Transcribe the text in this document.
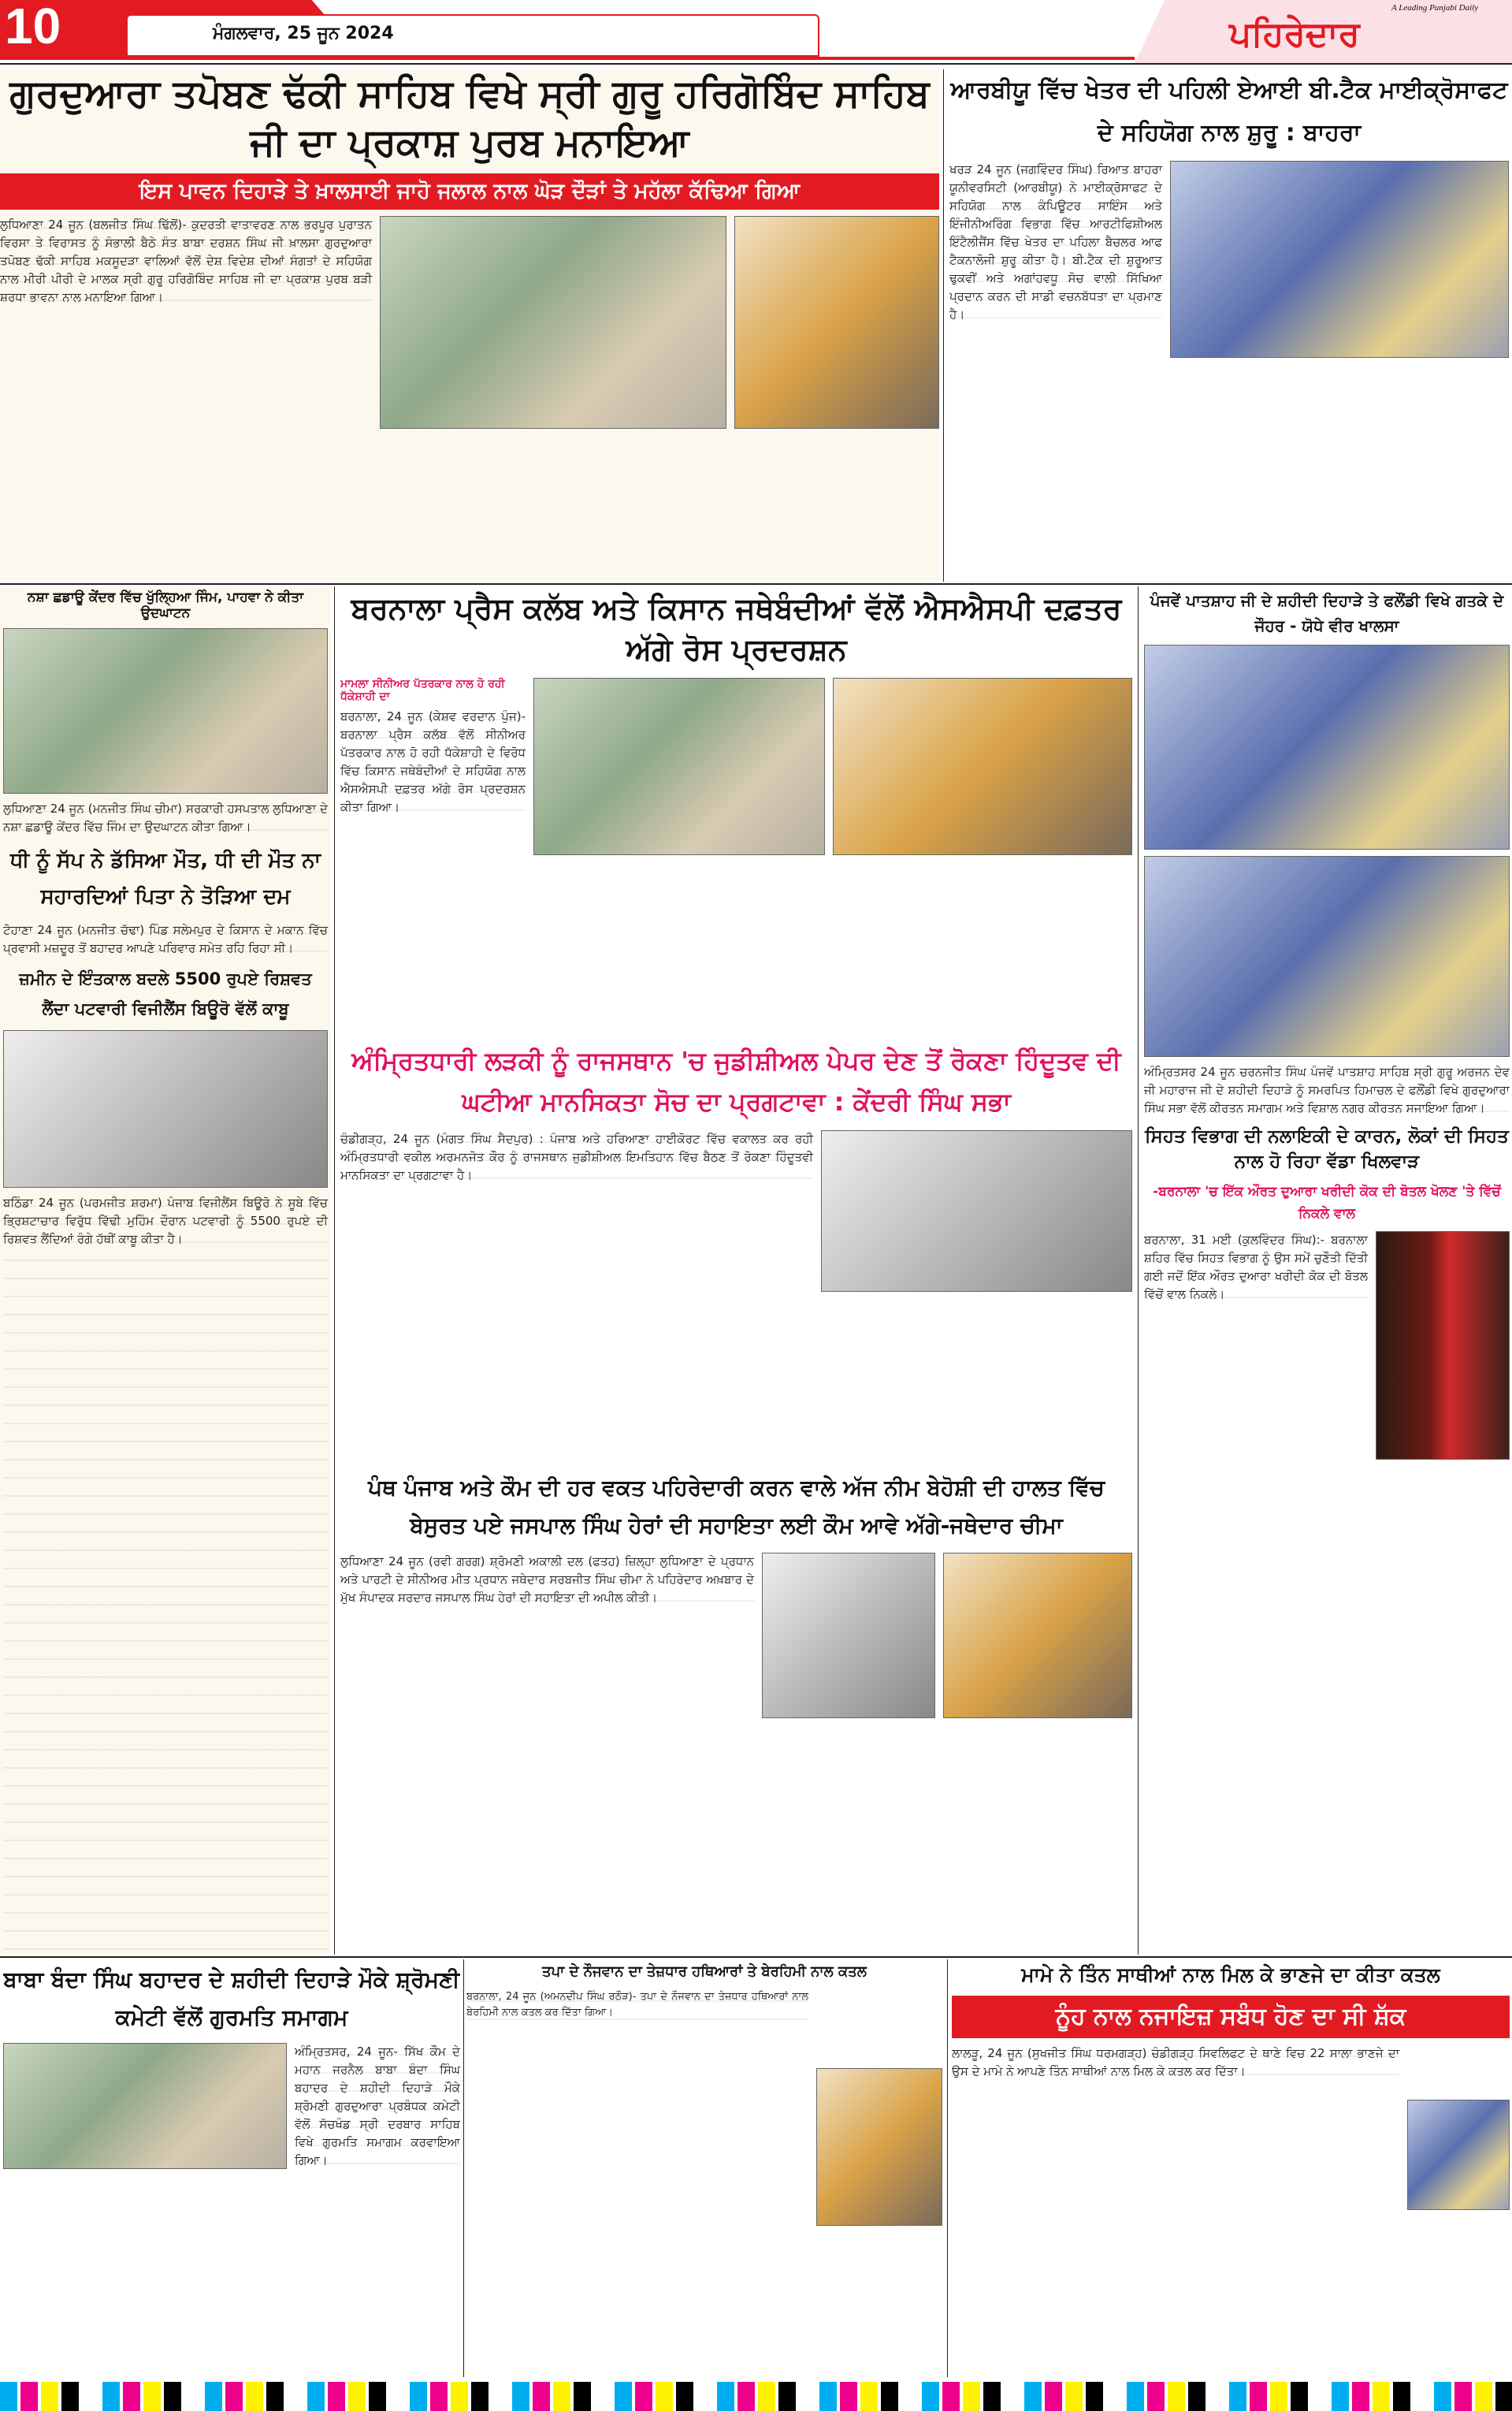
10	ਮੰਗਲਵਾਰ, 25 ਜੂਨ 2024
A Leading Punjabi Daily
ਪਹਿਰੇਦਾਰ
ਗੁਰਦੁਆਰਾ ਤਪੋਬਣ ਢੱਕੀ ਸਾਹਿਬ ਵਿਖੇ ਸ੍ਰੀ ਗੁਰੂ ਹਰਿਗੋਬਿੰਦ ਸਾਹਿਬ ਜੀ ਦਾ ਪ੍ਰਕਾਸ਼ ਪੁਰਬ ਮਨਾਇਆ
ਇਸ ਪਾਵਨ ਦਿਹਾੜੇ ਤੇ ਖ਼ਾਲਸਾਈ ਜਾਹੋ ਜਲਾਲ ਨਾਲ ਘੋੜ ਦੌੜਾਂ ਤੇ ਮਹੱਲਾ ਕੱਢਿਆ ਗਿਆ
ਲੁਧਿਆਣਾ 24 ਜੂਨ (ਬਲਜੀਤ ਸਿੰਘ ਢਿੱਲੋਂ)- ਕੁਦਰਤੀ ਵਾਤਾਵਰਣ ਨਾਲ ਭਰਪੂਰ ਪੁਰਾਤਨ ਵਿਰਸਾ ਤੇ ਵਿਰਾਸਤ ਨੂੰ ਸੰਭਾਲੀ ਬੈਠੇ ਸੰਤ ਬਾਬਾ ਦਰਸ਼ਨ ਸਿੰਘ ਜੀ ਖ਼ਾਲਸਾ ਗੁਰਦੁਆਰਾ ਤਪੋਬਣ ਢੱਕੀ ਸਾਹਿਬ ਮਕਸੂਦੜਾ ਵਾਲਿਆਂ ਵੱਲੋਂ ਦੇਸ਼ ਵਿਦੇਸ਼ ਦੀਆਂ ਸੰਗਤਾਂ ਦੇ ਸਹਿਯੋਗ ਨਾਲ ਮੀਰੀ ਪੀਰੀ ਦੇ ਮਾਲਕ ਸ੍ਰੀ ਗੁਰੂ ਹਰਿਗੋਬਿੰਦ ਸਾਹਿਬ ਜੀ ਦਾ ਪ੍ਰਕਾਸ਼ ਪੁਰਬ ਬੜੀ ਸ਼ਰਧਾ ਭਾਵਨਾ ਨਾਲ ਮਨਾਇਆ ਗਿਆ।
ਆਰਬੀਯੂ ਵਿੱਚ ਖੇਤਰ ਦੀ ਪਹਿਲੀ ਏਆਈ ਬੀ.ਟੈਕ ਮਾਈਕ੍ਰੋਸਾਫਟ ਦੇ ਸਹਿਯੋਗ ਨਾਲ ਸ਼ੁਰੂ : ਬਾਹਰਾ
ਖਰੜ 24 ਜੂਨ (ਜਗਵਿੰਦਰ ਸਿੰਘ) ਰਿਆਤ ਬਾਹਰਾ ਯੂਨੀਵਰਸਿਟੀ (ਆਰਬੀਯੂ) ਨੇ ਮਾਈਕ੍ਰੋਸਾਫਟ ਦੇ ਸਹਿਯੋਗ ਨਾਲ ਕੰਪਿਊਟਰ ਸਾਇੰਸ ਅਤੇ ਇੰਜੀਨੀਅਰਿੰਗ ਵਿਭਾਗ ਵਿੱਚ ਆਰਟੀਫਿਸ਼ੀਅਲ ਇੰਟੈਲੀਜੈਂਸ ਵਿੱਚ ਖੇਤਰ ਦਾ ਪਹਿਲਾ ਬੈਚਲਰ ਆਫ ਟੈਕਨਾਲੋਜੀ ਸ਼ੁਰੂ ਕੀਤਾ ਹੈ। ਬੀ.ਟੈਕ ਦੀ ਸ਼ੁਰੂਆਤ ਢੁਕਵੀਂ ਅਤੇ ਅਗਾਂਹਵਧੂ ਸੋਚ ਵਾਲੀ ਸਿੱਖਿਆ ਪ੍ਰਦਾਨ ਕਰਨ ਦੀ ਸਾਡੀ ਵਚਨਬੱਧਤਾ ਦਾ ਪ੍ਰਮਾਣ ਹੈ।
ਨਸ਼ਾ ਛਡਾਊ ਕੇਂਦਰ ਵਿੱਚ ਖੁੱਲ੍ਹਿਆ ਜਿੰਮ, ਪਾਹਵਾ ਨੇ ਕੀਤਾ ਉਦਘਾਟਨ
ਲੁਧਿਆਣਾ 24 ਜੂਨ (ਮਨਜੀਤ ਸਿੰਘ ਚੀਮਾ) ਸਰਕਾਰੀ ਹਸਪਤਾਲ ਲੁਧਿਆਣਾ ਦੇ ਨਸ਼ਾ ਛਡਾਊ ਕੇਂਦਰ ਵਿੱਚ ਜਿੰਮ ਦਾ ਉਦਘਾਟਨ ਕੀਤਾ ਗਿਆ।
ਧੀ ਨੂੰ ਸੱਪ ਨੇ ਡੱਸਿਆ ਮੌਤ, ਧੀ ਦੀ ਮੌਤ ਨਾ ਸਹਾਰਦਿਆਂ ਪਿਤਾ ਨੇ ਤੋੜਿਆ ਦਮ
ਟੋਹਾਣਾ 24 ਜੂਨ (ਮਨਜੀਤ ਚੱਢਾ) ਪਿੰਡ ਸਲੇਮਪੁਰ ਦੇ ਕਿਸਾਨ ਦੇ ਮਕਾਨ ਵਿੱਚ ਪ੍ਰਵਾਸੀ ਮਜ਼ਦੂਰ ਤੋਂ ਬਹਾਦਰ ਆਪਣੇ ਪਰਿਵਾਰ ਸਮੇਤ ਰਹਿ ਰਿਹਾ ਸੀ।
ਜ਼ਮੀਨ ਦੇ ਇੰਤਕਾਲ ਬਦਲੇ 5500 ਰੁਪਏ ਰਿਸ਼ਵਤ ਲੈਂਦਾ ਪਟਵਾਰੀ ਵਿਜੀਲੈਂਸ ਬਿਊਰੋ ਵੱਲੋਂ ਕਾਬੂ
ਬਠਿੰਡਾ 24 ਜੂਨ (ਪਰਮਜੀਤ ਸ਼ਰਮਾ) ਪੰਜਾਬ ਵਿਜੀਲੈਂਸ ਬਿਊਰੋ ਨੇ ਸੂਬੇ ਵਿੱਚ ਭ੍ਰਿਸ਼ਟਾਚਾਰ ਵਿਰੁੱਧ ਵਿੱਢੀ ਮੁਹਿੰਮ ਦੌਰਾਨ ਪਟਵਾਰੀ ਨੂੰ 5500 ਰੁਪਏ ਦੀ ਰਿਸ਼ਵਤ ਲੈਂਦਿਆਂ ਰੰਗੇ ਹੱਥੀਂ ਕਾਬੂ ਕੀਤਾ ਹੈ।
ਬਰਨਾਲਾ ਪ੍ਰੈਸ ਕਲੱਬ ਅਤੇ ਕਿਸਾਨ ਜਥੇਬੰਦੀਆਂ ਵੱਲੋਂ ਐਸਐਸਪੀ ਦਫ਼ਤਰ ਅੱਗੇ ਰੋਸ ਪ੍ਰਦਰਸ਼ਨ
ਮਾਮਲਾ ਸੀਨੀਅਰ ਪੱਤਰਕਾਰ ਨਾਲ ਹੋ ਰਹੀ ਧੱਕੇਸ਼ਾਹੀ ਦਾ
ਬਰਨਾਲਾ, 24 ਜੂਨ (ਕੇਸ਼ਵ ਵਰਦਾਨ ਪੁੰਜ)- ਬਰਨਾਲਾ ਪ੍ਰੈਸ ਕਲੱਬ ਵੱਲੋਂ ਸੀਨੀਅਰ ਪੱਤਰਕਾਰ ਨਾਲ ਹੋ ਰਹੀ ਧੱਕੇਸ਼ਾਹੀ ਦੇ ਵਿਰੋਧ ਵਿੱਚ ਕਿਸਾਨ ਜਥੇਬੰਦੀਆਂ ਦੇ ਸਹਿਯੋਗ ਨਾਲ ਐਸਐਸਪੀ ਦਫ਼ਤਰ ਅੱਗੇ ਰੋਸ ਪ੍ਰਦਰਸ਼ਨ ਕੀਤਾ ਗਿਆ।
ਅੰਮ੍ਰਿਤਧਾਰੀ ਲੜਕੀ ਨੂੰ ਰਾਜਸਥਾਨ 'ਚ ਜੁਡੀਸ਼ੀਅਲ ਪੇਪਰ ਦੇਣ ਤੋਂ ਰੋਕਣਾ ਹਿੰਦੂਤਵ ਦੀ ਘਟੀਆ ਮਾਨਸਿਕਤਾ ਸੋਚ ਦਾ ਪ੍ਰਗਟਾਵਾ : ਕੇਂਦਰੀ ਸਿੰਘ ਸਭਾ
ਚੰਡੀਗੜ੍ਹ, 24 ਜੂਨ (ਮੰਗਤ ਸਿੰਘ ਸੈਦਪੁਰ) : ਪੰਜਾਬ ਅਤੇ ਹਰਿਆਣਾ ਹਾਈਕੋਰਟ ਵਿੱਚ ਵਕਾਲਤ ਕਰ ਰਹੀ ਅੰਮ੍ਰਿਤਧਾਰੀ ਵਕੀਲ ਅਰਮਨਜੋਤ ਕੌਰ ਨੂੰ ਰਾਜਸਥਾਨ ਜੁਡੀਸ਼ੀਅਲ ਇਮਤਿਹਾਨ ਵਿੱਚ ਬੈਠਣ ਤੋਂ ਰੋਕਣਾ ਹਿੰਦੂਤਵੀ ਮਾਨਸਿਕਤਾ ਦਾ ਪ੍ਰਗਟਾਵਾ ਹੈ।
ਪੰਥ ਪੰਜਾਬ ਅਤੇ ਕੌਮ ਦੀ ਹਰ ਵਕਤ ਪਹਿਰੇਦਾਰੀ ਕਰਨ ਵਾਲੇ ਅੱਜ ਨੀਮ ਬੇਹੋਸ਼ੀ ਦੀ ਹਾਲਤ ਵਿੱਚ ਬੇਸੁਰਤ ਪਏ ਜਸਪਾਲ ਸਿੰਘ ਹੇਰਾਂ ਦੀ ਸਹਾਇਤਾ ਲਈ ਕੌਮ ਆਵੇ ਅੱਗੇ-ਜਥੇਦਾਰ ਚੀਮਾ
ਲੁਧਿਆਣਾ 24 ਜੂਨ (ਰਵੀ ਗਰਗ) ਸ਼੍ਰੋਮਣੀ ਅਕਾਲੀ ਦਲ (ਫਤਹ) ਜ਼ਿਲ੍ਹਾ ਲੁਧਿਆਣਾ ਦੇ ਪ੍ਰਧਾਨ ਅਤੇ ਪਾਰਟੀ ਦੇ ਸੀਨੀਅਰ ਮੀਤ ਪ੍ਰਧਾਨ ਜਥੇਦਾਰ ਸਰਬਜੀਤ ਸਿੰਘ ਚੀਮਾ ਨੇ ਪਹਿਰੇਦਾਰ ਅਖ਼ਬਾਰ ਦੇ ਮੁੱਖ ਸੰਪਾਦਕ ਸਰਦਾਰ ਜਸਪਾਲ ਸਿੰਘ ਹੇਰਾਂ ਦੀ ਸਹਾਇਤਾ ਦੀ ਅਪੀਲ ਕੀਤੀ।
ਪੰਜਵੇਂ ਪਾਤਸ਼ਾਹ ਜੀ ਦੇ ਸ਼ਹੀਦੀ ਦਿਹਾੜੇ ਤੇ ਫਲੌਂਡੀ ਵਿਖੇ ਗਤਕੇ ਦੇ ਜੌਹਰ - ਯੋਧੇ ਵੀਰ ਖਾਲਸਾ
ਅੰਮ੍ਰਿਤਸਰ 24 ਜੂਨ ਚਰਨਜੀਤ ਸਿੰਘ ਪੰਜਵੇਂ ਪਾਤਸ਼ਾਹ ਸਾਹਿਬ ਸ੍ਰੀ ਗੁਰੂ ਅਰਜਨ ਦੇਵ ਜੀ ਮਹਾਰਾਜ ਜੀ ਦੇ ਸ਼ਹੀਦੀ ਦਿਹਾੜੇ ਨੂੰ ਸਮਰਪਿਤ ਹਿਮਾਚਲ ਦੇ ਫਲੌਂਡੀ ਵਿਖੇ ਗੁਰਦੁਆਰਾ ਸਿੰਘ ਸਭਾ ਵੱਲੋਂ ਕੀਰਤਨ ਸਮਾਗਮ ਅਤੇ ਵਿਸ਼ਾਲ ਨਗਰ ਕੀਰਤਨ ਸਜਾਇਆ ਗਿਆ।
ਸਿਹਤ ਵਿਭਾਗ ਦੀ ਨਲਾਇਕੀ ਦੇ ਕਾਰਨ, ਲੋਕਾਂ ਦੀ ਸਿਹਤ ਨਾਲ ਹੋ ਰਿਹਾ ਵੱਡਾ ਖਿਲਵਾੜ
-ਬਰਨਾਲਾ 'ਚ ਇੱਕ ਔਰਤ ਦੁਆਰਾ ਖਰੀਦੀ ਕੋਕ ਦੀ ਬੋਤਲ ਖੋਲਣ 'ਤੇ ਵਿੱਚੋਂ ਨਿਕਲੇ ਵਾਲ
ਬਰਨਾਲਾ, 31 ਮਈ (ਕੁਲਵਿੰਦਰ ਸਿੰਘ):- ਬਰਨਾਲਾ ਸ਼ਹਿਰ ਵਿੱਚ ਸਿਹਤ ਵਿਭਾਗ ਨੂੰ ਉਸ ਸਮੇਂ ਚੁਣੌਤੀ ਦਿੱਤੀ ਗਈ ਜਦੋਂ ਇੱਕ ਔਰਤ ਦੁਆਰਾ ਖਰੀਦੀ ਕੋਕ ਦੀ ਬੋਤਲ ਵਿੱਚੋਂ ਵਾਲ ਨਿਕਲੇ।
ਬਾਬਾ ਬੰਦਾ ਸਿੰਘ ਬਹਾਦਰ ਦੇ ਸ਼ਹੀਦੀ ਦਿਹਾੜੇ ਮੌਕੇ ਸ਼੍ਰੋਮਣੀ ਕਮੇਟੀ ਵੱਲੋਂ ਗੁਰਮਤਿ ਸਮਾਗਮ
ਅੰਮ੍ਰਿਤਸਰ, 24 ਜੂਨ- ਸਿੱਖ ਕੌਮ ਦੇ ਮਹਾਨ ਜਰਨੈਲ ਬਾਬਾ ਬੰਦਾ ਸਿੰਘ ਬਹਾਦਰ ਦੇ ਸ਼ਹੀਦੀ ਦਿਹਾੜੇ ਮੌਕੇ ਸ਼੍ਰੋਮਣੀ ਗੁਰਦੁਆਰਾ ਪ੍ਰਬੰਧਕ ਕਮੇਟੀ ਵੱਲੋਂ ਸੱਚਖੰਡ ਸ੍ਰੀ ਦਰਬਾਰ ਸਾਹਿਬ ਵਿਖੇ ਗੁਰਮਤਿ ਸਮਾਗਮ ਕਰਵਾਇਆ ਗਿਆ।
ਤਪਾ ਦੇ ਨੌਜਵਾਨ ਦਾ ਤੇਜ਼ਧਾਰ ਹਥਿਆਰਾਂ ਤੇ ਬੇਰਹਿਮੀ ਨਾਲ ਕਤਲ
ਬਰਨਾਲਾ, 24 ਜੂਨ (ਅਮਨਦੀਪ ਸਿੰਘ ਰਠੌੜ)- ਤਪਾ ਦੇ ਨੌਜਵਾਨ ਦਾ ਤੇਜ਼ਧਾਰ ਹਥਿਆਰਾਂ ਨਾਲ ਬੇਰਹਿਮੀ ਨਾਲ ਕਤਲ ਕਰ ਦਿੱਤਾ ਗਿਆ।
ਮਾਮੇ ਨੇ ਤਿੰਨ ਸਾਥੀਆਂ ਨਾਲ ਮਿਲ ਕੇ ਭਾਣਜੇ ਦਾ ਕੀਤਾ ਕਤਲ
ਨੂੰਹ ਨਾਲ ਨਜਾਇਜ਼ ਸਬੰਧ ਹੋਣ ਦਾ ਸੀ ਸ਼ੱਕ
ਲਾਲੜੂ, 24 ਜੂਨ (ਸੁਖਜੀਤ ਸਿੰਘ ਧਰਮਗੜ੍ਹ) ਚੰਡੀਗੜ੍ਹ ਸਿਵਲਿਫਟ ਦੇ ਥਾਣੇ ਵਿਚ 22 ਸਾਲਾ ਭਾਣਜੇ ਦਾ ਉਸ ਦੇ ਮਾਮੇ ਨੇ ਆਪਣੇ ਤਿੰਨ ਸਾਥੀਆਂ ਨਾਲ ਮਿਲ ਕੇ ਕਤਲ ਕਰ ਦਿੱਤਾ।
